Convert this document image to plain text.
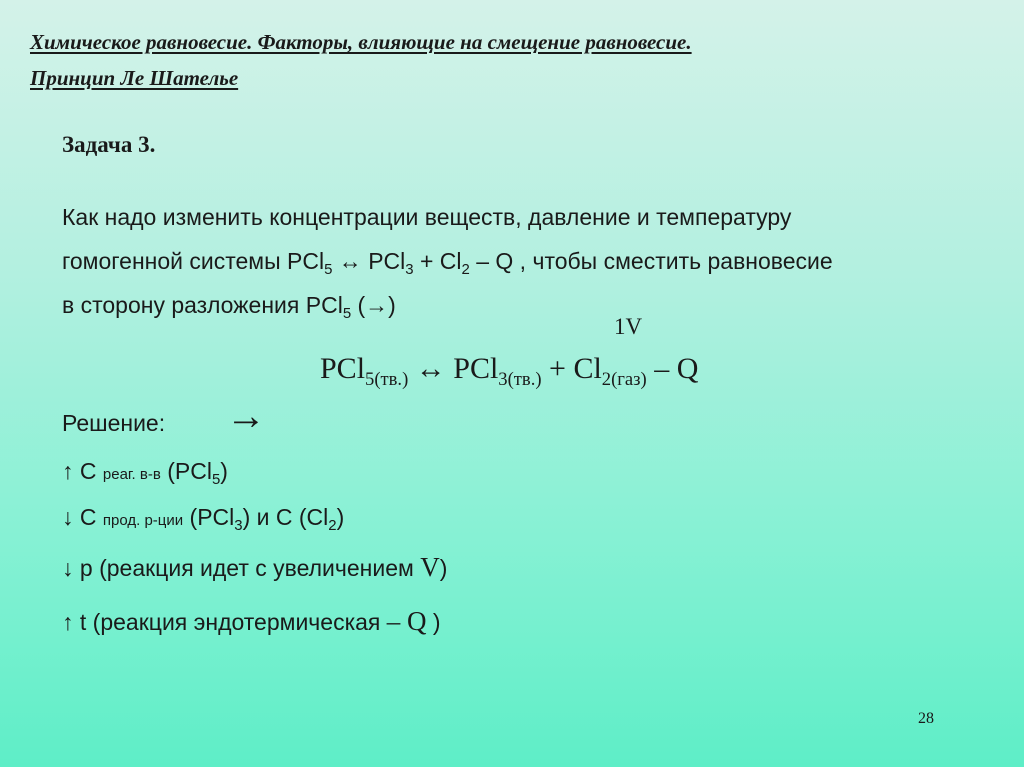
Химическое равновесие. Факторы, влияющие на смещение равновесие.
Принцип Ле Шателье
Задача 3.
Как надо изменить концентрации веществ, давление и температуру
гомогенной системы PCl$_5$ ↔ $PCl_3 + Cl_2 - Q$ , чтобы сместить равновесие
в сторону разложения PCl$_5$ (→)
1V
PCl$_{5(тв.)}$ ↔ $PCl_{3(тв.)} + Cl_{2(газ)} - Q$
Решение: →
↑ С реаг. в-в (PCl$_5$)
↓ С прод. р-ции (PCl$_3$) и С $(Cl_2)$
↓ р (реакция идет с увеличением V)
↑ t (реакция эндотермическая – Q )
28
